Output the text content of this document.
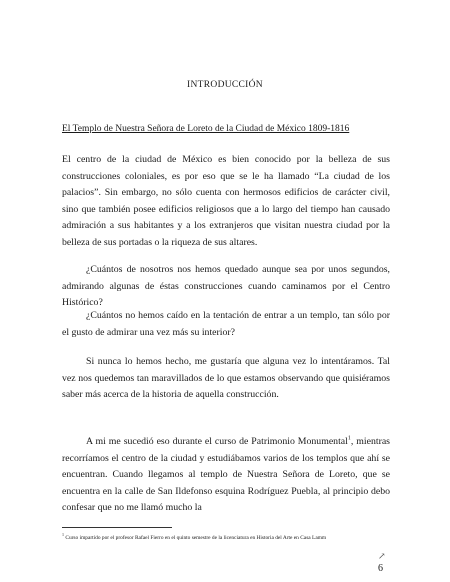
INTRODUCCIÓN
El Templo de Nuestra Señora de Loreto de la Ciudad de México 1809-1816
El centro de la ciudad de México es bien conocido por la belleza de sus construcciones coloniales, es por eso que se le ha llamado “La ciudad de los palacios”. Sin embargo, no sólo cuenta con hermosos edificios de carácter civil, sino que también posee edificios religiosos que a lo largo del tiempo han causado admiración a sus habitantes y a los extranjeros que visitan nuestra ciudad por la belleza de sus portadas o la riqueza de sus altares.
¿Cuántos de nosotros nos hemos quedado aunque sea por unos segundos, admirando algunas de éstas construcciones cuando caminamos por el Centro Histórico?
¿Cuántos no hemos caído en la tentación de entrar a un templo, tan sólo por el gusto de admirar una vez más su interior?
Si nunca lo hemos hecho, me gustaría que alguna vez lo intentáramos. Tal vez nos quedemos tan maravillados de lo que estamos observando que quisiéramos saber más acerca de la historia de aquella construcción.
A mi me sucedió eso durante el curso de Patrimonio Monumental$^1$, mientras recorríamos el centro de la ciudad y estudiábamos varios de los templos que ahí se encuentran. Cuando llegamos al templo de Nuestra Señora de Loreto, que se encuentra en la calle de San Ildefonso esquina Rodríguez Puebla, al principio debo confesar que no me llamó mucho la
$^1$ Curso impartido por el profesor Rafael Fierro en el quinto semestre de la licenciatura en Historia del Arte en Casa Lamm
↗
6
